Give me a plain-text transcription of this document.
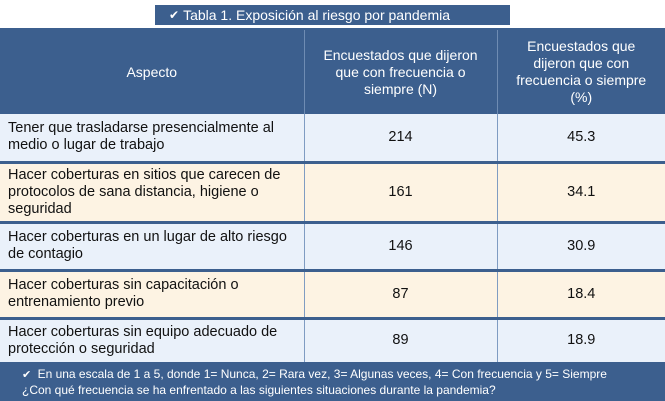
✔ Tabla 1. Exposición al riesgo por pandemia
Aspecto	Encuestados que dijeron que con frecuencia o siempre (N)	Encuestados que dijeron que con frecuencia o siempre (%)
Tener que trasladarse presencialmente al medio o lugar de trabajo	214	45.3
Hacer coberturas en sitios que carecen de protocolos de sana distancia, higiene o seguridad	161	34.1
Hacer coberturas en un lugar de alto riesgo de contagio	146	30.9
Hacer coberturas sin capacitación o entrenamiento previo	87	18.4
Hacer coberturas sin equipo adecuado de protección o seguridad	89	18.9
✔ En una escala de 1 a 5, donde 1= Nunca, 2= Rara vez, 3= Algunas veces, 4= Con frecuencia y 5= Siempre
¿Con qué frecuencia se ha enfrentado a las siguientes situaciones durante la pandemia?
